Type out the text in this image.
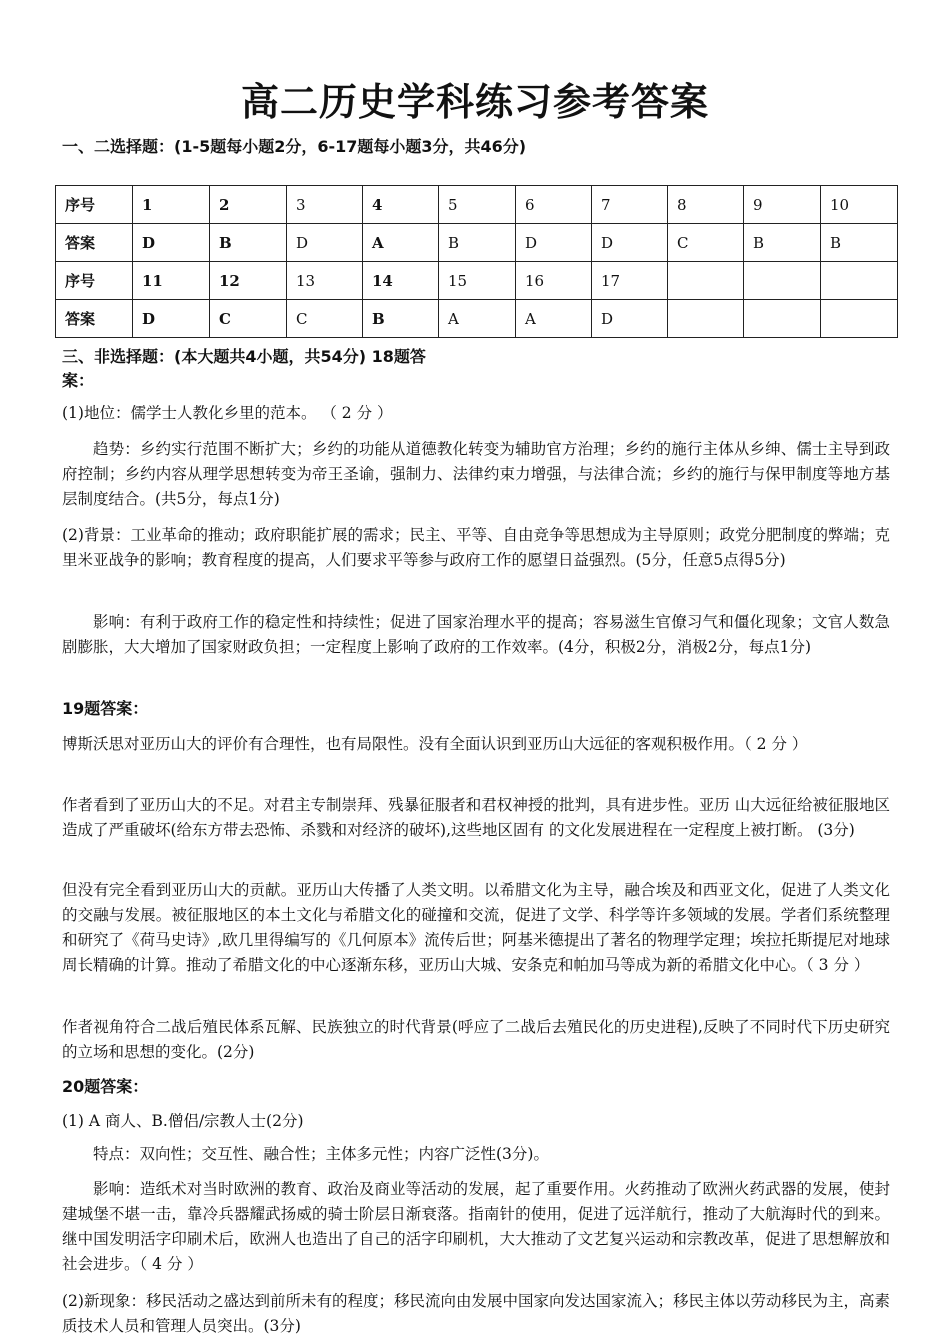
高二历史学科练习参考答案
一、二选择题：(1-5题每小题2分，6-17题每小题3分，共46分)
序号	1	2	3	4	5	6	7	8	9	10
答案	D	B	D	A	B	D	D	C	B	B
序号	11	12	13	14	15	16	17			
答案	D	C	C	B	A	A	D			
三、非选择题：(本大题共4小题，共54分) 18题答案：

(1)地位：儒学士人教化乡里的范本。 （ 2 分 ）

趋势：乡约实行范围不断扩大；乡约的功能从道德教化转变为辅助官方治理；乡约的施行主体从乡绅、儒士主导到政府控制；乡约内容从理学思想转变为帝王圣谕，强制力、法律约束力增强，与法律合流；乡约的施行与保甲制度等地方基层制度结合。(共5分，每点1分)

(2)背景：工业革命的推动；政府职能扩展的需求；民主、平等、自由竞争等思想成为主导原则；政党分肥制度的弊端；克里米亚战争的影响；教育程度的提高，人们要求平等参与政府工作的愿望日益强烈。(5分，任意5点得5分)

影响：有利于政府工作的稳定性和持续性；促进了国家治理水平的提高；容易滋生官僚习气和僵化现象；文官人数急剧膨胀，大大增加了国家财政负担；一定程度上影响了政府的工作效率。(4分，积极2分，消极2分，每点1分)

19题答案：

博斯沃思对亚历山大的评价有合理性，也有局限性。没有全面认识到亚历山大远征的客观积极作用。（ 2 分 ）

作者看到了亚历山大的不足。对君主专制崇拜、残暴征服者和君权神授的批判，具有进步性。亚历 山大远征给被征服地区造成了严重破坏(给东方带去恐怖、杀戮和对经济的破坏),这些地区固有 的文化发展进程在一定程度上被打断。 (3分)

但没有完全看到亚历山大的贡献。亚历山大传播了人类文明。以希腊文化为主导，融合埃及和西亚文化，促进了人类文化的交融与发展。被征服地区的本土文化与希腊文化的碰撞和交流，促进了文学、科学等许多领域的发展。学者们系统整理和研究了《荷马史诗》,欧几里得编写的《几何原本》流传后世；阿基米德提出了著名的物理学定理；埃拉托斯提尼对地球周长精确的计算。推动了希腊文化的中心逐渐东移，亚历山大城、安条克和帕加马等成为新的希腊文化中心。（ 3 分 ）

作者视角符合二战后殖民体系瓦解、民族独立的时代背景(呼应了二战后去殖民化的历史进程),反映了不同时代下历史研究的立场和思想的变化。(2分)

20题答案：

(1) A 商人、B.僧侣/宗教人士(2分)

特点：双向性；交互性、融合性；主体多元性；内容广泛性(3分)。

影响：造纸术对当时欧洲的教育、政治及商业等活动的发展，起了重要作用。火药推动了欧洲火药武器的发展，使封建城堡不堪一击，靠冷兵器耀武扬威的骑士阶层日渐衰落。指南针的使用，促进了远洋航行，推动了大航海时代的到来。继中国发明活字印刷术后，欧洲人也造出了自己的活字印刷机，大大推动了文艺复兴运动和宗教改革，促进了思想解放和社会进步。（ 4 分 ）

(2)新现象：移民活动之盛达到前所未有的程度；移民流向由发展中国家向发达国家流入；移民主体以劳动移民为主，高素质技术人员和管理人员突出。(3分)
